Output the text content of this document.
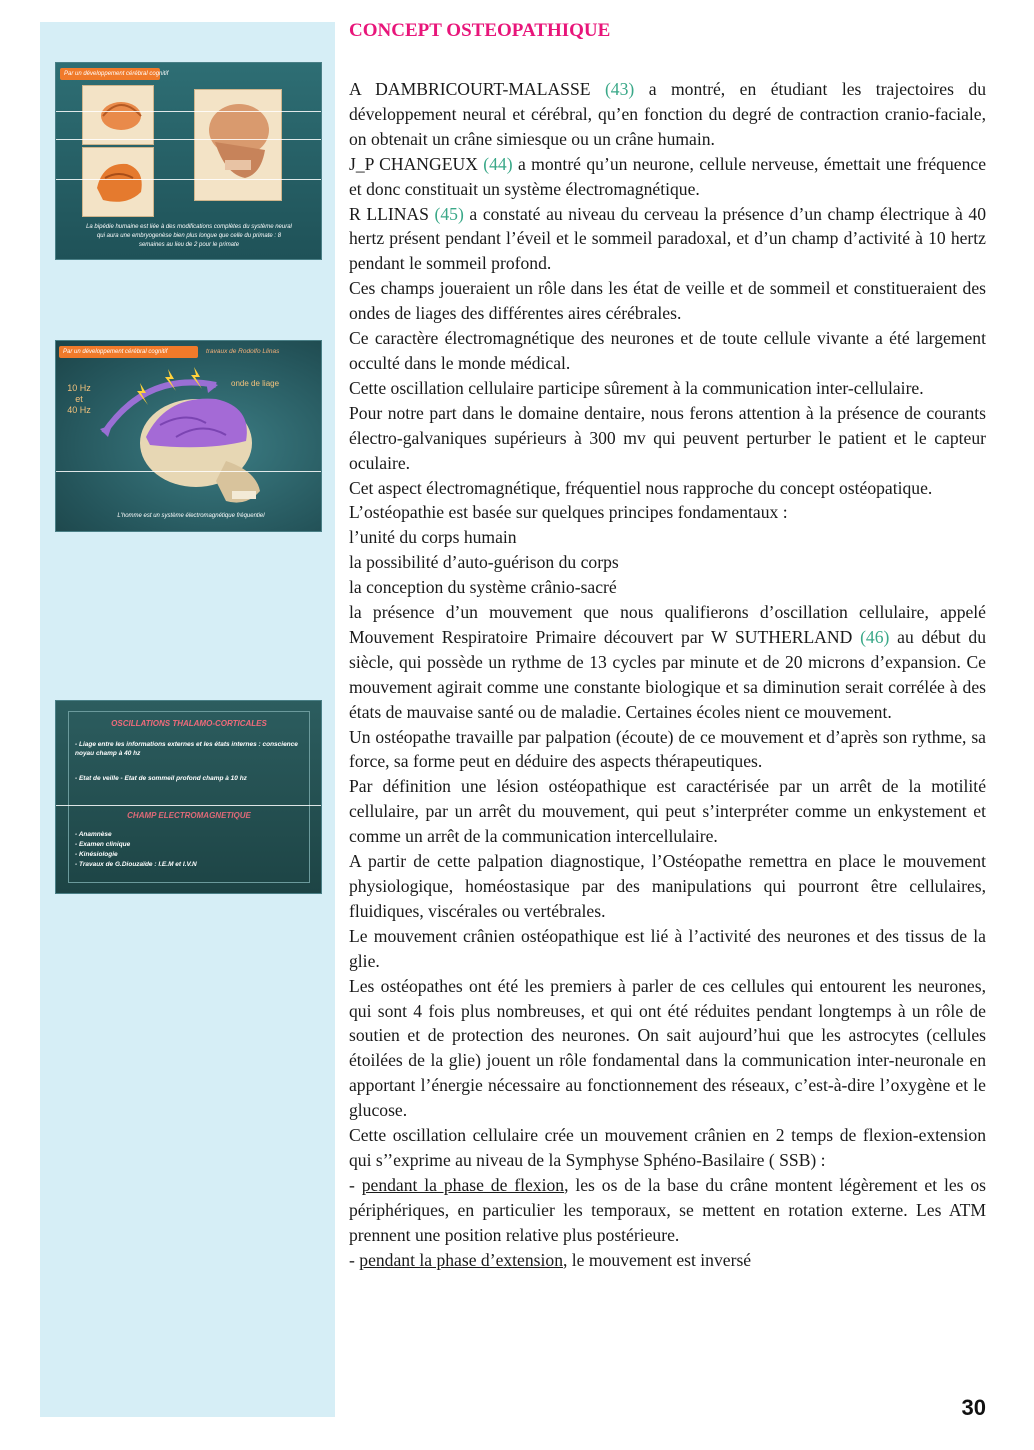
Par un développement cérébral cognitif
La bipédie humaine est liée à des modifications complètes du système neural qui aura une embryogenèse bien plus longue que celle du primate : 8 semaines au lieu de 2 pour le primate
Par un développement cérébral cognitif	travaux de Rodolfo Llinas
10 Hz
et
40 Hz
onde de liage
L'homme est un système électromagnétique fréquentiel
OSCILLATIONS THALAMO-CORTICALES
- Liage entre les informations externes et les états internes : conscience noyau champ à 40 hz
- Etat de veille - Etat de sommeil profond champ à 10 hz
CHAMP ELECTROMAGNETIQUE
- Anamnèse
- Examen clinique
- Kinésiologie
- Travaux de G.Diouzaïde : I.E.M et I.V.N
CONCEPT OSTEOPATHIQUE

A DAMBRICOURT-MALASSE (43) a montré, en étudiant les trajectoires du développement neural et cérébral, qu’en fonction du degré de contraction cranio-faciale, on obtenait un crâne simiesque ou un crâne humain.

J_P CHANGEUX (44) a montré qu’un neurone, cellule nerveuse, émettait une fréquence et donc constituait un système électromagnétique.

R LLINAS (45) a constaté au niveau du cerveau la présence d’un champ électrique à 40 hertz présent pendant l’éveil et le sommeil paradoxal, et d’un champ d’activité à 10 hertz pendant le sommeil profond.

Ces champs joueraient un rôle dans les état de veille et de sommeil et constitueraient des ondes de liages des différentes aires cérébrales.

Ce caractère électromagnétique des neurones et de toute cellule vivante a été largement occulté dans le monde médical.

Cette oscillation cellulaire participe sûrement à la communication inter-cellulaire.

Pour notre part dans le domaine dentaire, nous ferons attention à la présence de courants électro-galvaniques supérieurs à 300 mv qui peuvent perturber le patient et le capteur oculaire.

Cet aspect électromagnétique, fréquentiel nous rapproche du concept ostéopatique.

L’ostéopathie est basée sur quelques principes fondamentaux :

l’unité du corps humain

la possibilité d’auto-guérison du corps

la conception du système crânio-sacré

la présence d’un mouvement que nous qualifierons d’oscillation cellulaire, appelé Mouvement Respiratoire Primaire découvert par W SUTHERLAND (46) au début du siècle, qui possède un rythme de 13 cycles par minute et de 20 microns d’expansion. Ce mouvement agirait comme une constante biologique et sa diminution serait corrélée à des états de mauvaise santé ou de maladie. Certaines écoles nient ce mouvement.

Un ostéopathe travaille par palpation (écoute) de ce mouvement et d’après son rythme, sa force, sa forme peut en déduire des aspects thérapeutiques.

Par définition une lésion ostéopathique est caractérisée par un arrêt de la motilité cellulaire, par un arrêt du mouvement, qui peut s’interpréter comme un enkystement et comme un arrêt de la communication intercellulaire.

A partir de cette palpation diagnostique, l’Ostéopathe remettra en place le mouvement physiologique, homéostasique par des manipulations qui pourront être cellulaires, fluidiques, viscérales ou vertébrales.

Le mouvement crânien ostéopathique est lié à l’activité des neurones et des tissus de la glie.

Les ostéopathes ont été les premiers à parler de ces cellules qui entourent les neurones, qui sont 4 fois plus nombreuses, et qui ont été réduites pendant longtemps à un rôle de soutien et de protection des neurones. On sait aujourd’hui que les astrocytes (cellules étoilées de la glie) jouent un rôle fondamental dans la communication inter-neuronale en apportant l’énergie nécessaire au fonctionnement des réseaux, c’est-à-dire l’oxygène et le glucose.

Cette oscillation cellulaire crée un mouvement crânien en 2 temps de flexion-extension qui s’’exprime au niveau de la Symphyse Sphéno-Basilaire ( SSB) :

- pendant la phase de flexion, les os de la base du crâne montent légèrement et les os périphériques, en particulier les temporaux, se mettent en rotation externe. Les ATM prennent une position relative plus postérieure.

- pendant la phase d’extension, le mouvement est inversé

30
